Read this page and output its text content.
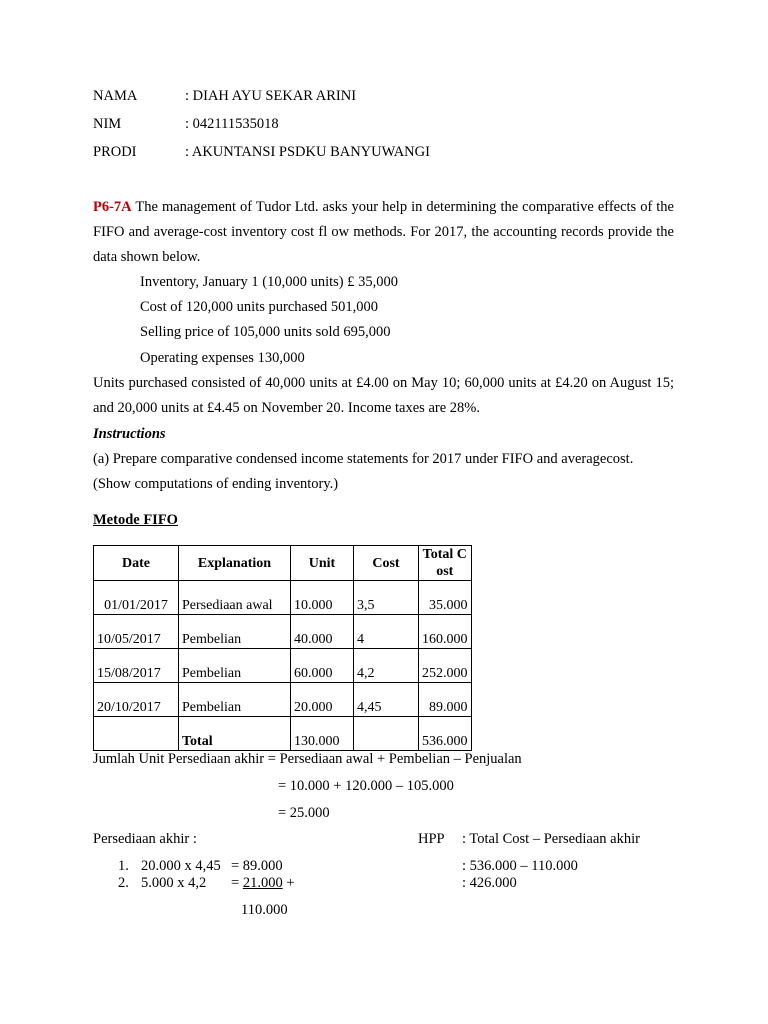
NAMA	: DIAH AYU SEKAR ARINI
NIM	: 042111535018
PRODI	: AKUNTANSI PSDKU BANYUWANGI
P6-7A The management of Tudor Ltd. asks your help in determining the comparative effects of the FIFO and average-cost inventory cost fl ow methods. For 2017, the accounting records provide the data shown below.
Inventory, January 1 (10,000 units) £ 35,000
Cost of 120,000 units purchased 501,000
Selling price of 105,000 units sold 695,000
Operating expenses 130,000
Units purchased consisted of 40,000 units at £4.00 on May 10; 60,000 units at £4.20 on August 15; and 20,000 units at £4.45 on November 20. Income taxes are 28%.
Instructions
(a) Prepare comparative condensed income statements for 2017 under FIFO and averagecost.
(Show computations of ending inventory.)
Metode FIFO
Date	Explanation	Unit	Cost	Total Cost
01/01/2017	Persediaan awal	10.000	3,5	35.000
10/05/2017	Pembelian	40.000	4	160.000
15/08/2017	Pembelian	60.000	4,2	252.000
20/10/2017	Pembelian	20.000	4,45	89.000
	Total	130.000		536.000
Jumlah Unit Persediaan akhir = Persediaan awal + Pembelian – Penjualan
= 10.000 + 120.000 – 105.000
= 25.000
Persediaan akhir :	HPP : Total Cost – Persediaan akhir
1. 20.000 x 4,45 = 89.000	: 536.000 – 110.000
2. 5.000 x 4,2 = 21.000 +	: 426.000
110.000
